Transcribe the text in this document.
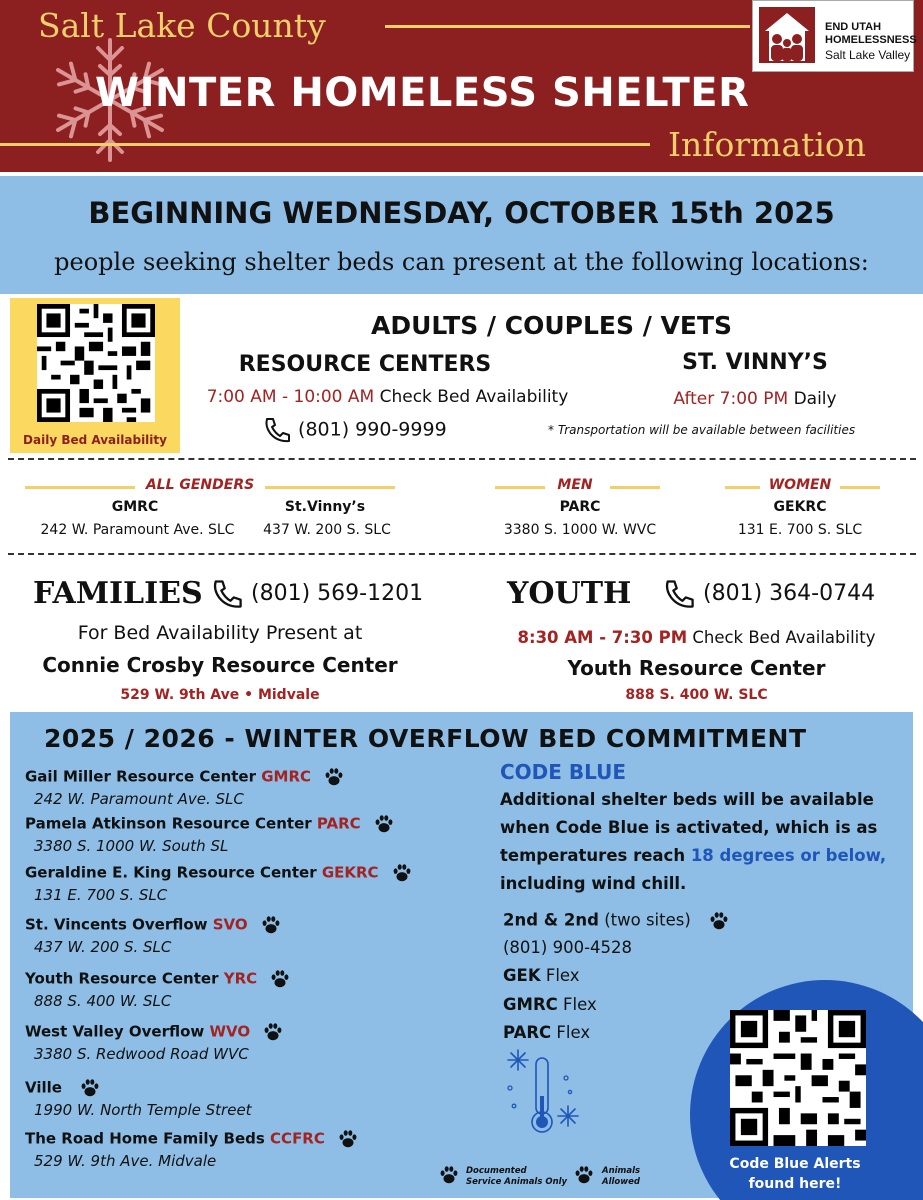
Salt Lake County
WINTER HOMELESS SHELTER
Information
END UTAH
HOMELESSNESS
Salt Lake Valley
BEGINNING WEDNESDAY, OCTOBER 15th 2025
people seeking shelter beds can present at the following locations:
Daily Bed Availability
ADULTS / COUPLES / VETS
RESOURCE CENTERS	ST. VINNY’S
7:00 AM - 10:00 AM Check Bed Availability	After 7:00 PM Daily
(801) 990-9999	* Transportation will be available between facilities
ALL GENDERS
GMRC
242 W. Paramount Ave. SLC
St.Vinny’s
437 W. 200 S. SLC
MEN
PARC
3380 S. 1000 W. WVC
WOMEN
GEKRC
131 E. 700 S. SLC
FAMILIES	(801) 569-1201
For Bed Availability Present at
Connie Crosby Resource Center
529 W. 9th Ave • Midvale
YOUTH	(801) 364-0744
8:30 AM - 7:30 PM Check Bed Availability
Youth Resource Center
888 S. 400 W. SLC
2025 / 2026 - WINTER OVERFLOW BED COMMITMENT
Gail Miller Resource Center GMRC
242 W. Paramount Ave. SLC
Pamela Atkinson Resource Center PARC
3380 S. 1000 W. South SL
Geraldine E. King Resource Center GEKRC
131 E. 700 S. SLC
St. Vincents Overflow SVO
437 W. 200 S. SLC
Youth Resource Center YRC
888 S. 400 W. SLC
West Valley Overflow WVO
3380 S. Redwood Road WVC
Ville
1990 W. North Temple Street
The Road Home Family Beds CCFRC
529 W. 9th Ave. Midvale
CODE BLUE
Additional shelter beds will be available
when Code Blue is activated, which is as
temperatures reach 18 degrees or below,
including wind chill.
2nd & 2nd (two sites)
(801) 900-4528
GEK Flex
GMRC Flex
PARC Flex
Documented
Service Animals Only
Animals
Allowed
Code Blue Alerts
found here!
